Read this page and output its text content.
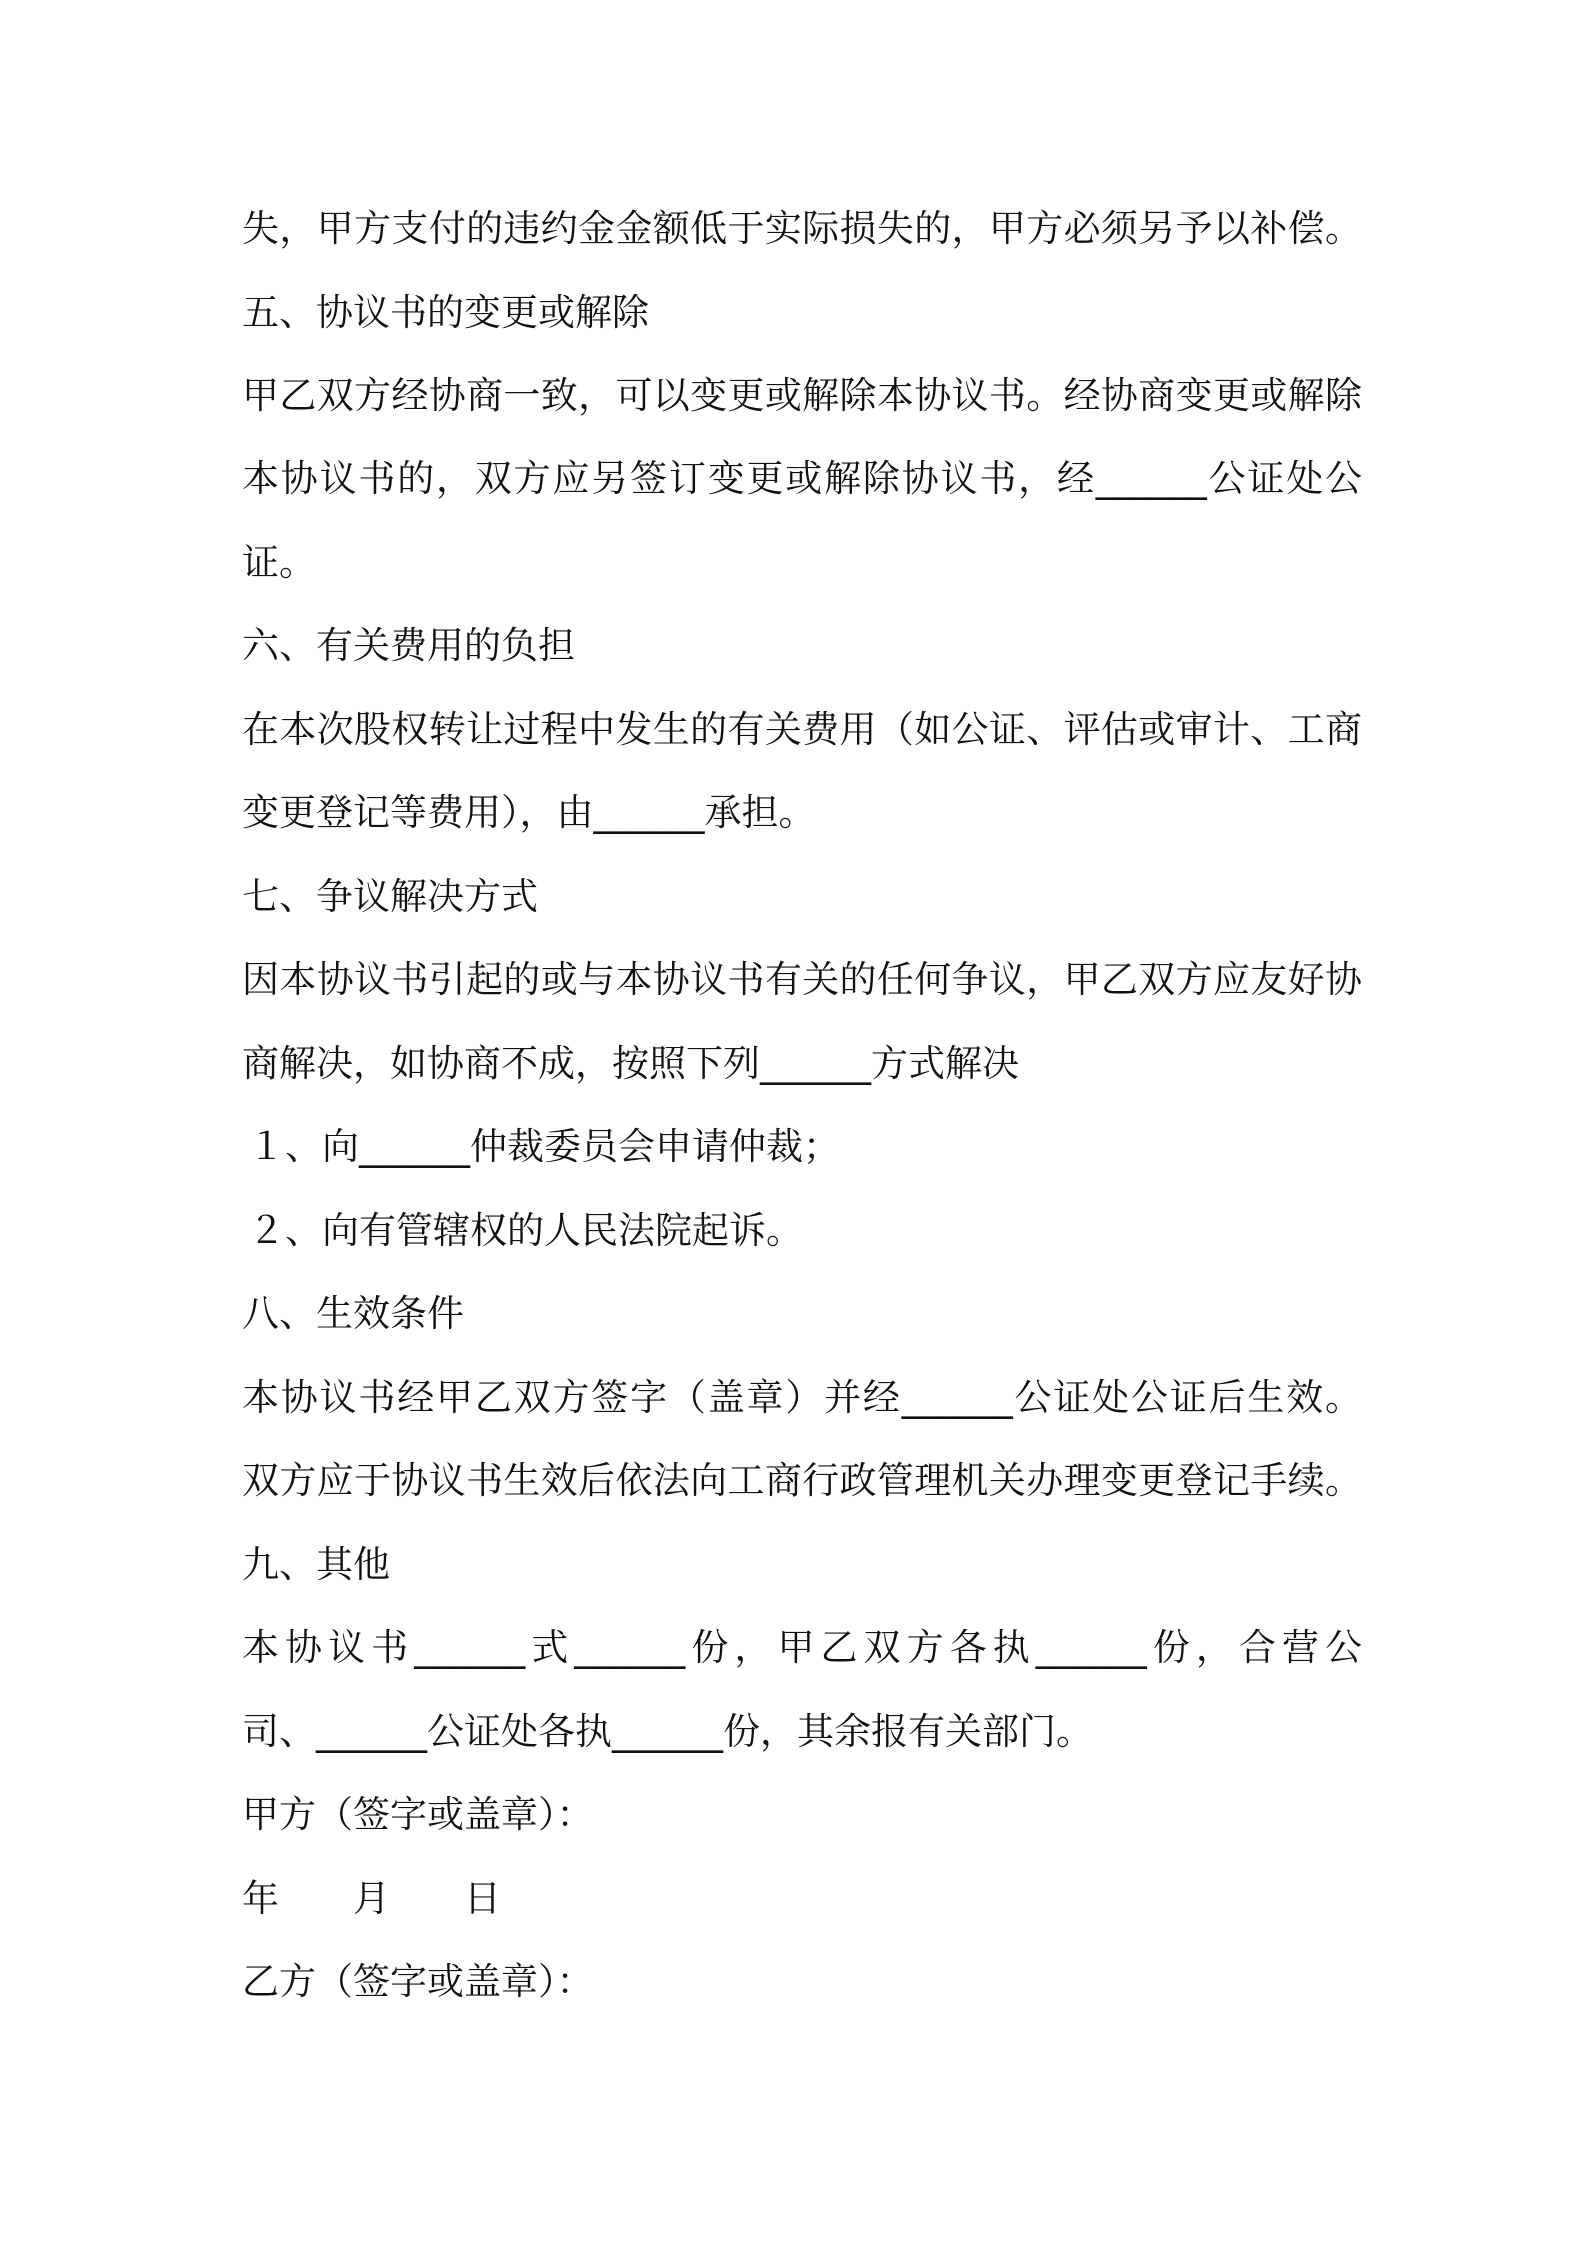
失，甲方支付的违约金金额低于实际损失的，甲方必须另予以补偿。
五、协议书的变更或解除
甲乙双方经协商一致，可以变更或解除本协议书。经协商变更或解除
本协议书的，双方应另签订变更或解除协议书，经______公证处公
证。
六、有关费用的负担
在本次股权转让过程中发生的有关费用（如公证、评估或审计、工商
变更登记等费用），由______承担。
七、争议解决方式
因本协议书引起的或与本协议书有关的任何争议，甲乙双方应友好协
商解决，如协商不成，按照下列______方式解决
１、向______仲裁委员会申请仲裁；
２、向有管辖权的人民法院起诉。
八、生效条件
本协议书经甲乙双方签字（盖章）并经______公证处公证后生效。
双方应于协议书生效后依法向工商行政管理机关办理变更登记手续。
九、其他
本协议书______式______份，甲乙双方各执______份，合营公
司、______公证处各执______份，其余报有关部门。
甲方（签字或盖章）：
年　　月　　日
乙方（签字或盖章）：
